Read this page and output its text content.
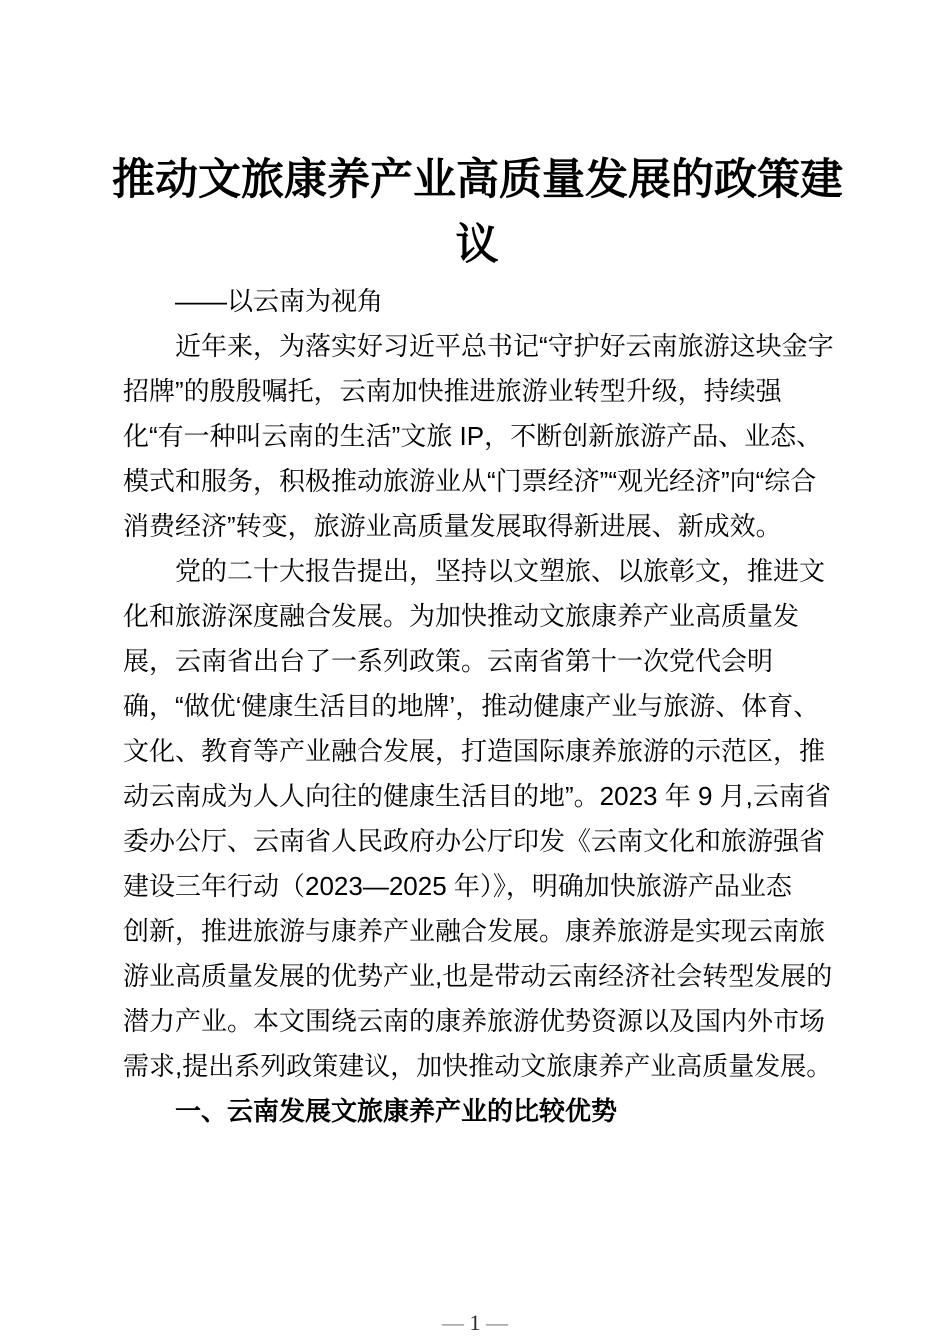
推动文旅康养产业高质量发展的政策建
议
——以云南为视角
近年来，为落实好习近平总书记“守护好云南旅游这块金字
招牌”的殷殷嘱托，云南加快推进旅游业转型升级，持续强
化“有一种叫云南的生活”文旅 IP，不断创新旅游产品、业态、
模式和服务，积极推动旅游业从“门票经济”“观光经济”向“综合
消费经济”转变，旅游业高质量发展取得新进展、新成效。
党的二十大报告提出，坚持以文塑旅、以旅彰文，推进文
化和旅游深度融合发展。为加快推动文旅康养产业高质量发
展，云南省出台了一系列政策。云南省第十一次党代会明
确，“做优‘健康生活目的地牌’，推动健康产业与旅游、体育、
文化、教育等产业融合发展，打造国际康养旅游的示范区，推
动云南成为人人向往的健康生活目的地”。2023 年 9 月,云南省
委办公厅、云南省人民政府办公厅印发《云南文化和旅游强省
建设三年行动（2023—2025 年）》，明确加快旅游产品业态
创新，推进旅游与康养产业融合发展。康养旅游是实现云南旅
游业高质量发展的优势产业,也是带动云南经济社会转型发展的
潜力产业。本文围绕云南的康养旅游优势资源以及国内外市场
需求,提出系列政策建议，加快推动文旅康养产业高质量发展。
一、云南发展文旅康养产业的比较优势
— 1 —
